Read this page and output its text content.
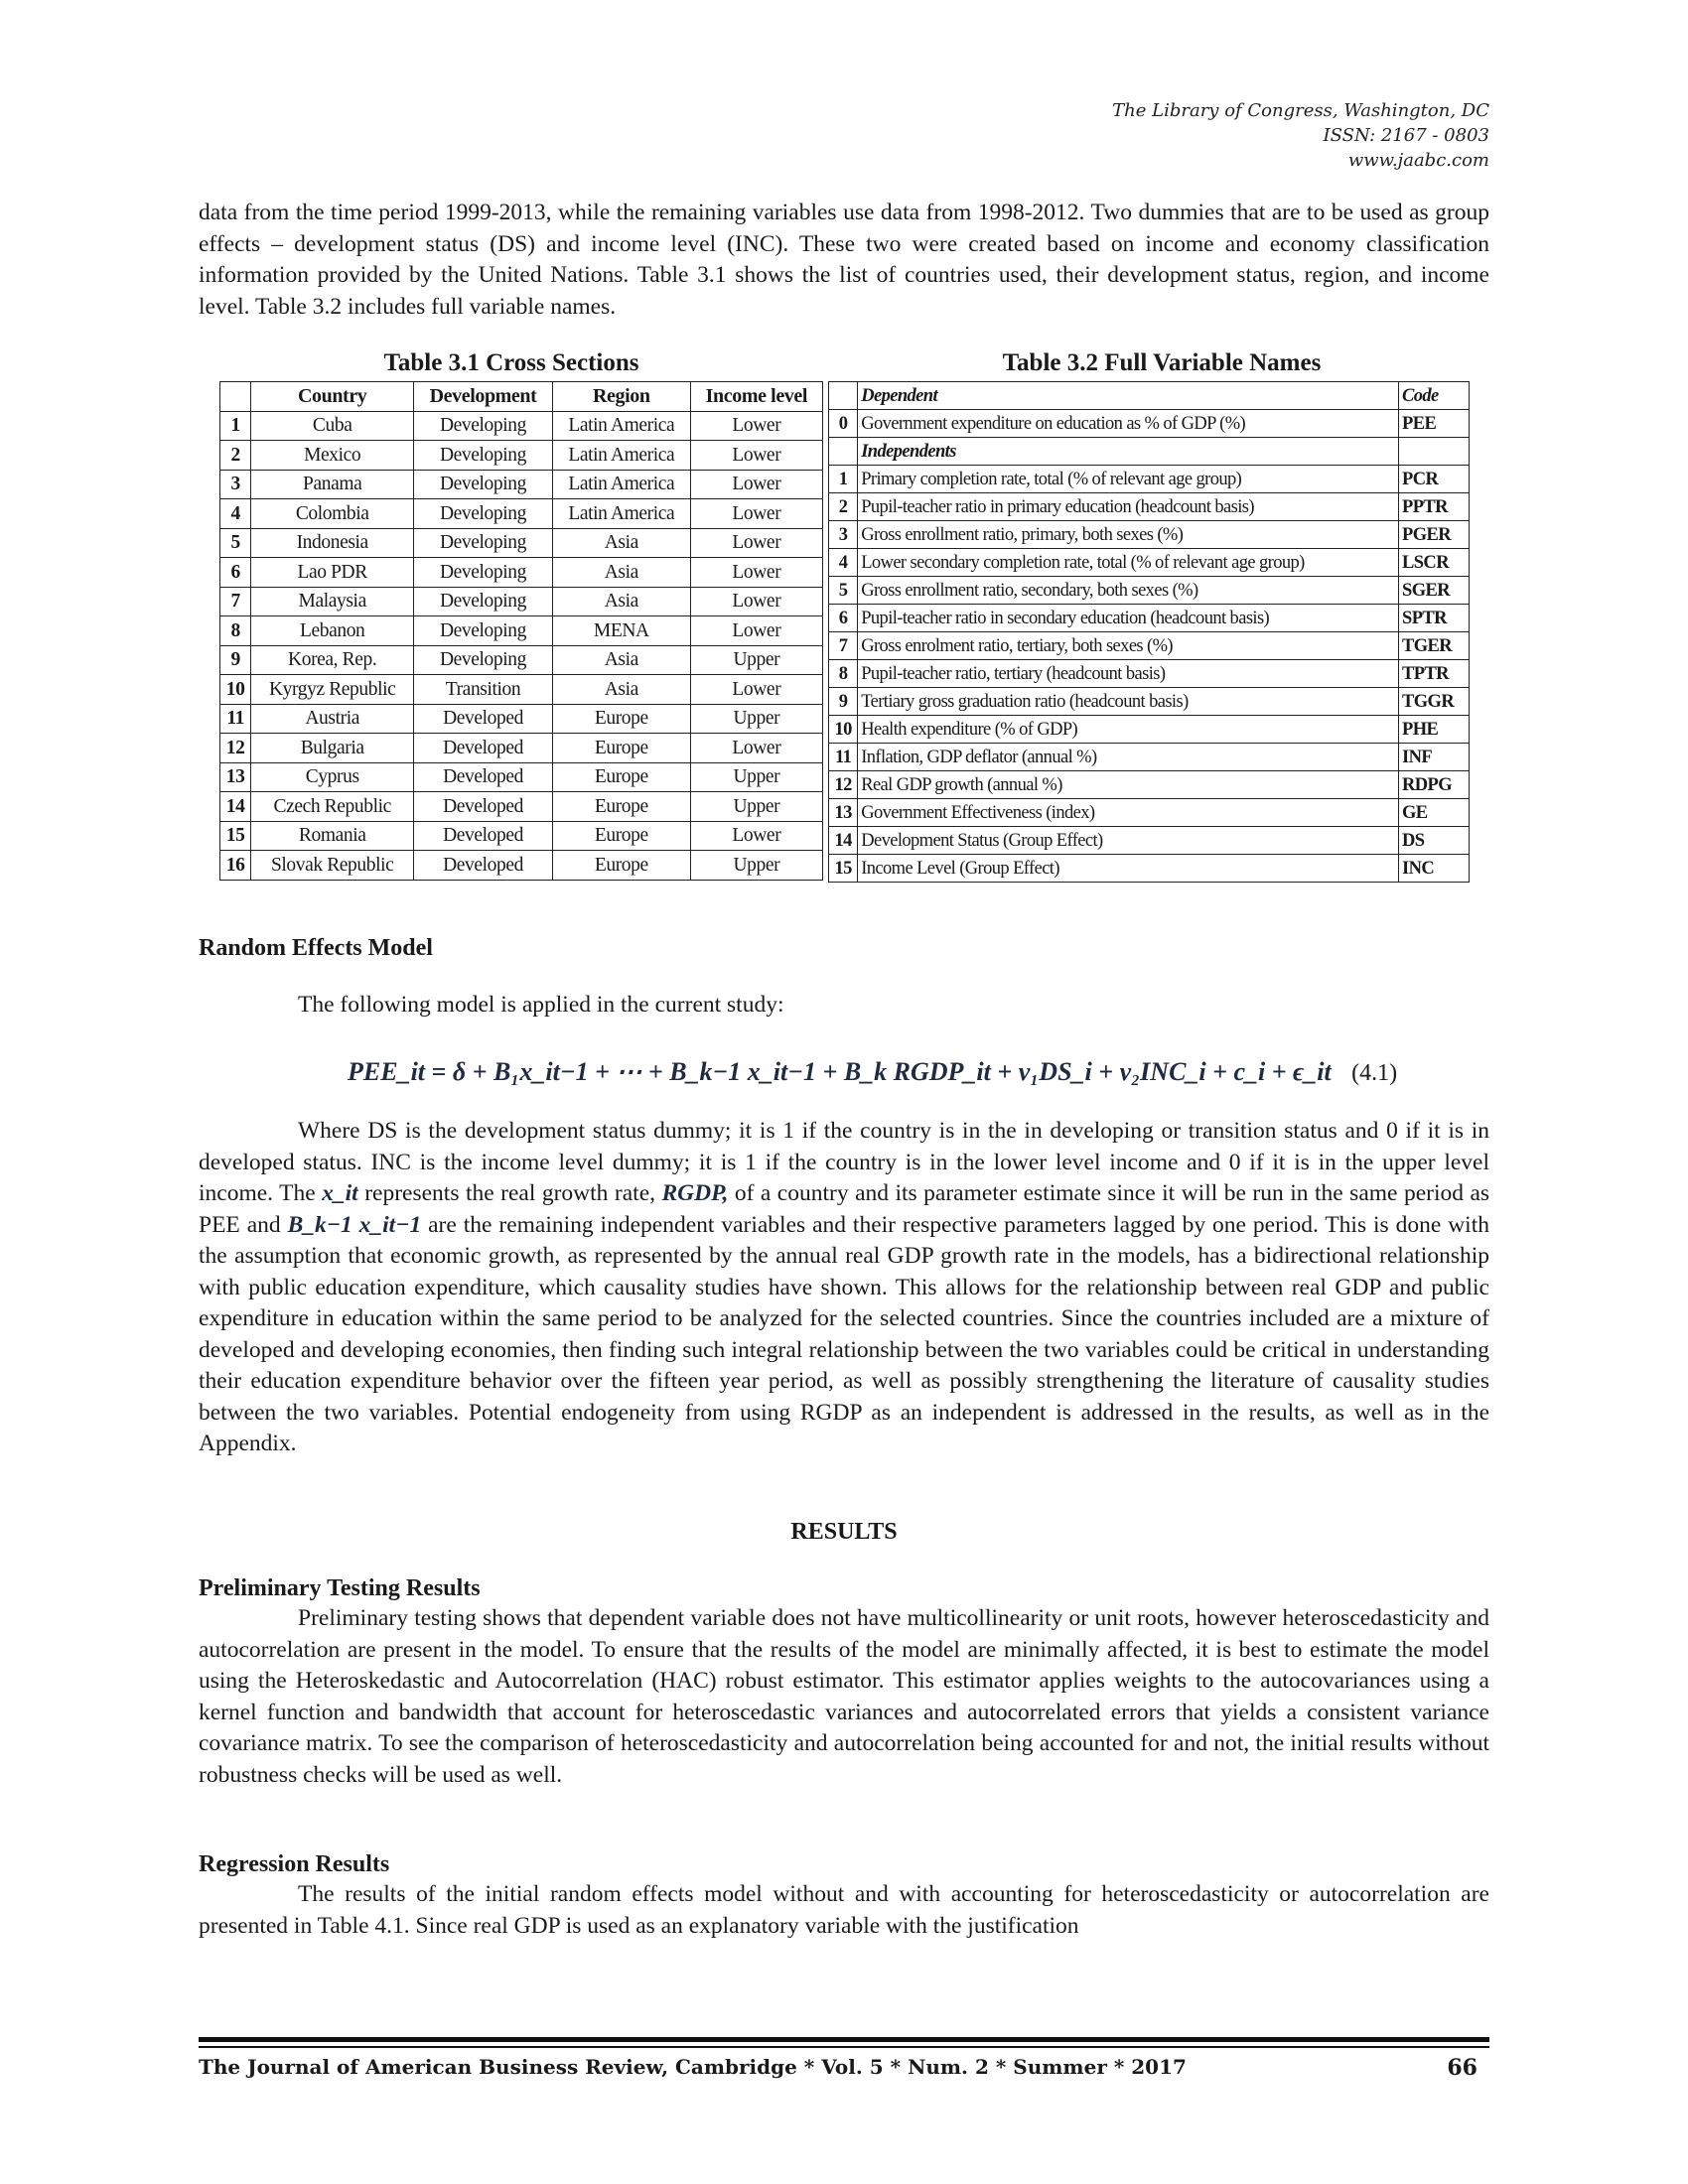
The Library of Congress, Washington, DC
ISSN: 2167 - 0803
www.jaabc.com

data from the time period 1999-2013, while the remaining variables use data from 1998-2012. Two dummies that are to be used as group effects – development status (DS) and income level (INC). These two were created based on income and economy classification information provided by the United Nations. Table 3.1 shows the list of countries used, their development status, region, and income level. Table 3.2 includes full variable names.

Table 3.1 Cross Sections
	Country	Development	Region	Income level
1	Cuba	Developing	Latin America	Lower
2	Mexico	Developing	Latin America	Lower
3	Panama	Developing	Latin America	Lower
4	Colombia	Developing	Latin America	Lower
5	Indonesia	Developing	Asia	Lower
6	Lao PDR	Developing	Asia	Lower
7	Malaysia	Developing	Asia	Lower
8	Lebanon	Developing	MENA	Lower
9	Korea, Rep.	Developing	Asia	Upper
10	Kyrgyz Republic	Transition	Asia	Lower
11	Austria	Developed	Europe	Upper
12	Bulgaria	Developed	Europe	Lower
13	Cyprus	Developed	Europe	Upper
14	Czech Republic	Developed	Europe	Upper
15	Romania	Developed	Europe	Lower
16	Slovak Republic	Developed	Europe	Upper
Table 3.2 Full Variable Names
	Dependent	Code
0	Government expenditure on education as % of GDP (%)	PEE
	Independents	
1	Primary completion rate, total (% of relevant age group)	PCR
2	Pupil-teacher ratio in primary education (headcount basis)	PPTR
3	Gross enrollment ratio, primary, both sexes (%)	PGER
4	Lower secondary completion rate, total (% of relevant age group)	LSCR
5	Gross enrollment ratio, secondary, both sexes (%)	SGER
6	Pupil-teacher ratio in secondary education (headcount basis)	SPTR
7	Gross enrolment ratio, tertiary, both sexes (%)	TGER
8	Pupil-teacher ratio, tertiary (headcount basis)	TPTR
9	Tertiary gross graduation ratio (headcount basis)	TGGR
10	Health expenditure (% of GDP)	PHE
11	Inflation, GDP deflator (annual %)	INF
12	Real GDP growth (annual %)	RDPG
13	Government Effectiveness (index)	GE
14	Development Status (Group Effect)	DS
15	Income Level (Group Effect)	INC
Random Effects Model
The following model is applied in the current study:
PEE_it = δ + B₁x_it−1 + ⋯ + B_k−1 x_it−1 + B_k RGDP_it + v₁DS_i + v₂INC_i + c_i + ϵ_it (4.1)

Where DS is the development status dummy; it is 1 if the country is in the in developing or transition status and 0 if it is in developed status. INC is the income level dummy; it is 1 if the country is in the lower level income and 0 if it is in the upper level income. The x_it represents the real growth rate, RGDP, of a country and its parameter estimate since it will be run in the same period as PEE and B_k−1 x_it−1 are the remaining independent variables and their respective parameters lagged by one period. This is done with the assumption that economic growth, as represented by the annual real GDP growth rate in the models, has a bidirectional relationship with public education expenditure, which causality studies have shown. This allows for the relationship between real GDP and public expenditure in education within the same period to be analyzed for the selected countries. Since the countries included are a mixture of developed and developing economies, then finding such integral relationship between the two variables could be critical in understanding their education expenditure behavior over the fifteen year period, as well as possibly strengthening the literature of causality studies between the two variables. Potential endogeneity from using RGDP as an independent is addressed in the results, as well as in the Appendix.

RESULTS
Preliminary Testing Results

Preliminary testing shows that dependent variable does not have multicollinearity or unit roots, however heteroscedasticity and autocorrelation are present in the model. To ensure that the results of the model are minimally affected, it is best to estimate the model using the Heteroskedastic and Autocorrelation (HAC) robust estimator. This estimator applies weights to the autocovariances using a kernel function and bandwidth that account for heteroscedastic variances and autocorrelated errors that yields a consistent variance covariance matrix. To see the comparison of heteroscedasticity and autocorrelation being accounted for and not, the initial results without robustness checks will be used as well.

Regression Results

The results of the initial random effects model without and with accounting for heteroscedasticity or autocorrelation are presented in Table 4.1. Since real GDP is used as an explanatory variable with the justification

The Journal of American Business Review, Cambridge * Vol. 5 * Num. 2 * Summer * 2017	66
